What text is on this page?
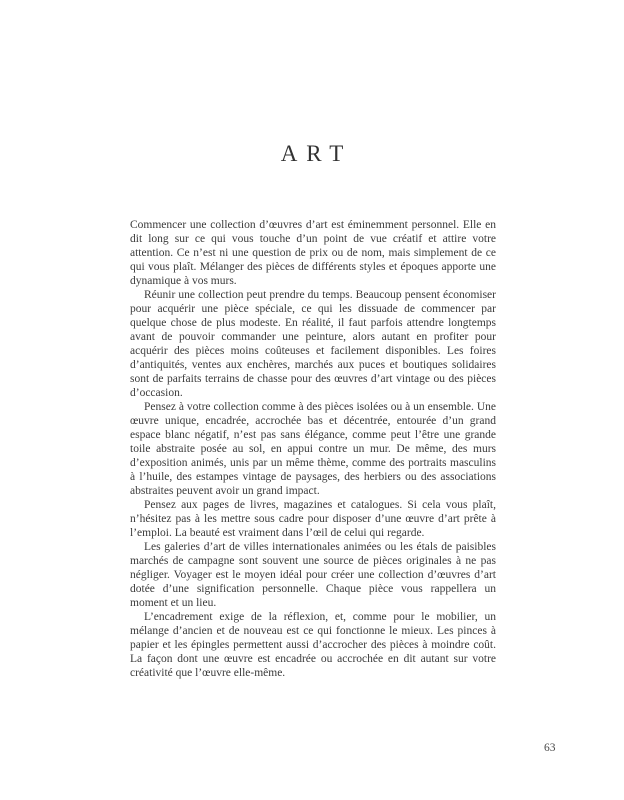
ART

Commencer une collection d’œuvres d’art est éminemment personnel. Elle en dit long sur ce qui vous touche d’un point de vue créatif et attire votre attention. Ce n’est ni une question de prix ou de nom, mais simplement de ce qui vous plaît. Mélanger des pièces de différents styles et époques apporte une dynamique à vos murs.

Réunir une collection peut prendre du temps. Beaucoup pensent économiser pour acquérir une pièce spéciale, ce qui les dissuade de commencer par quelque chose de plus modeste. En réalité, il faut parfois attendre longtemps avant de pouvoir commander une peinture, alors autant en profiter pour acquérir des pièces moins coûteuses et facilement disponibles. Les foires d’antiquités, ventes aux enchères, marchés aux puces et boutiques solidaires sont de parfaits terrains de chasse pour des œuvres d’art vintage ou des pièces d’occasion.

Pensez à votre collection comme à des pièces isolées ou à un ensemble. Une œuvre unique, encadrée, accrochée bas et décentrée, entourée d’un grand espace blanc négatif, n’est pas sans élégance, comme peut l’être une grande toile abstraite posée au sol, en appui contre un mur. De même, des murs d’exposition animés, unis par un même thème, comme des portraits masculins à l’huile, des estampes vintage de paysages, des herbiers ou des associations abstraites peuvent avoir un grand impact.

Pensez aux pages de livres, magazines et catalogues. Si cela vous plaît, n’hésitez pas à les mettre sous cadre pour disposer d’une œuvre d’art prête à l’emploi. La beauté est vraiment dans l’œil de celui qui regarde.

Les galeries d’art de villes internationales animées ou les étals de paisibles marchés de campagne sont souvent une source de pièces originales à ne pas négliger. Voyager est le moyen idéal pour créer une collection d’œuvres d’art dotée d’une signification personnelle. Chaque pièce vous rappellera un moment et un lieu.

L’encadrement exige de la réflexion, et, comme pour le mobilier, un mélange d’ancien et de nouveau est ce qui fonctionne le mieux. Les pinces à papier et les épingles permettent aussi d’accrocher des pièces à moindre coût. La façon dont une œuvre est encadrée ou accrochée en dit autant sur votre créativité que l’œuvre elle-même.

63
